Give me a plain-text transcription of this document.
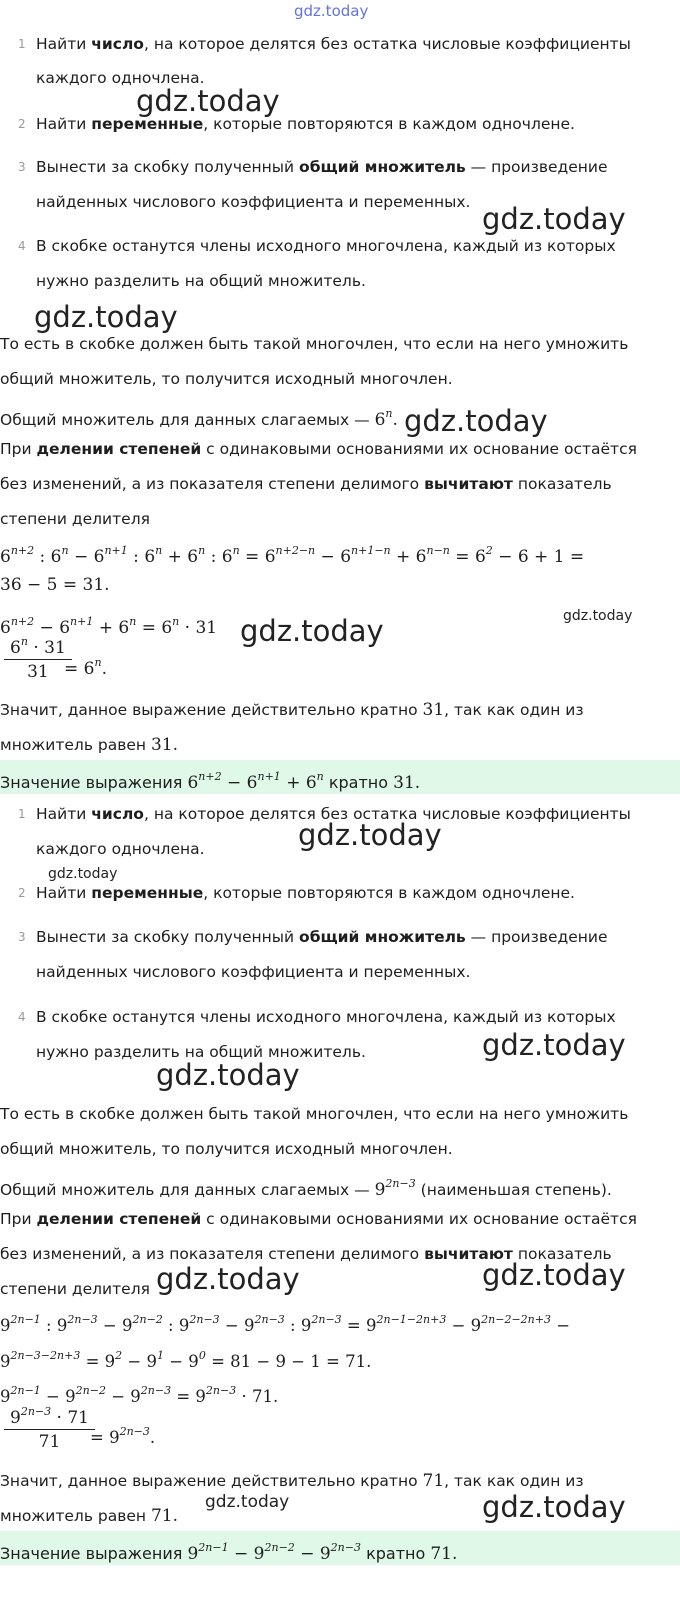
gdz.today
1 Найти число, на которое делятся без остатка числовые коэффициенты
каждого одночлена.
2 Найти переменные, которые повторяются в каждом одночлене.
3 Вынести за скобку полученный общий множитель — произведение
найденных числового коэффициента и переменных.
4 В скобке останутся члены исходного многочлена, каждый из которых
нужно разделить на общий множитель.
То есть в скобке должен быть такой многочлен, что если на него умножить
общий множитель, то получится исходный многочлен.
Общий множитель для данных слагаемых — 6$^n$.
При делении степеней с одинаковыми основаниями их основание остаётся
без изменений, а из показателя степени делимого вычитают показатель
степени делителя
$6^{n+2}$ : $6^n - 6^{n+1}$ : $6^n + 6^n$ : $6^n = 6^{n+2-n} - 6^{n+1-n} + 6^{n-n} = 6^2 - 6 + 1$ =
36 − 5 = 31.
$6^{n+2} - 6^{n+1} + 6^n = 6^n \cdot 31$
$\frac{6^n \cdot 31}{31}$
= $6^n$.
Значит, данное выражение действительно кратно 31, так как один из
множитель равен 31.
Значение выражения $6^{n+2} - 6^{n+1} + 6^n$ кратно 31.
1 Найти число, на которое делятся без остатка числовые коэффициенты
каждого одночлена.
2 Найти переменные, которые повторяются в каждом одночлене.
3 Вынести за скобку полученный общий множитель — произведение
найденных числового коэффициента и переменных.
4 В скобке останутся члены исходного многочлена, каждый из которых
нужно разделить на общий множитель.
То есть в скобке должен быть такой многочлен, что если на него умножить
общий множитель, то получится исходный многочлен.
Общий множитель для данных слагаемых — $9^{2n-3}$ (наименьшая степень).
При делении степеней с одинаковыми основаниями их основание остаётся
без изменений, а из показателя степени делимого вычитают показатель
степени делителя
$9^{2n-1}$ : $9^{2n-3} - 9^{2n-2}$ : $9^{2n-3} - 9^{2n-3}$ : $9^{2n-3} = 9^{2n-1-2n+3} - 9^{2n-2-2n+3}$ −
$9^{2n-3-2n+3} = 9^2 - 9^1 - 9^0 = 81 - 9 - 1 = 71$.
$9^{2n-1} - 9^{2n-2} - 9^{2n-3} = 9^{2n-3} \cdot 71$.
$\frac{9^{2n-3} \cdot 71}{71}$
= $9^{2n-3}$.
Значит, данное выражение действительно кратно 71, так как один из
множитель равен 71.
Значение выражения $9^{2n-1} - 9^{2n-2} - 9^{2n-3}$ кратно 71.
gdz.today
gdz.today
gdz.today
gdz.today
gdz.today
gdz.today
gdz.today
gdz.today
gdz.today
gdz.today
gdz.today	gdz.today
gdz.today
gdz.today
